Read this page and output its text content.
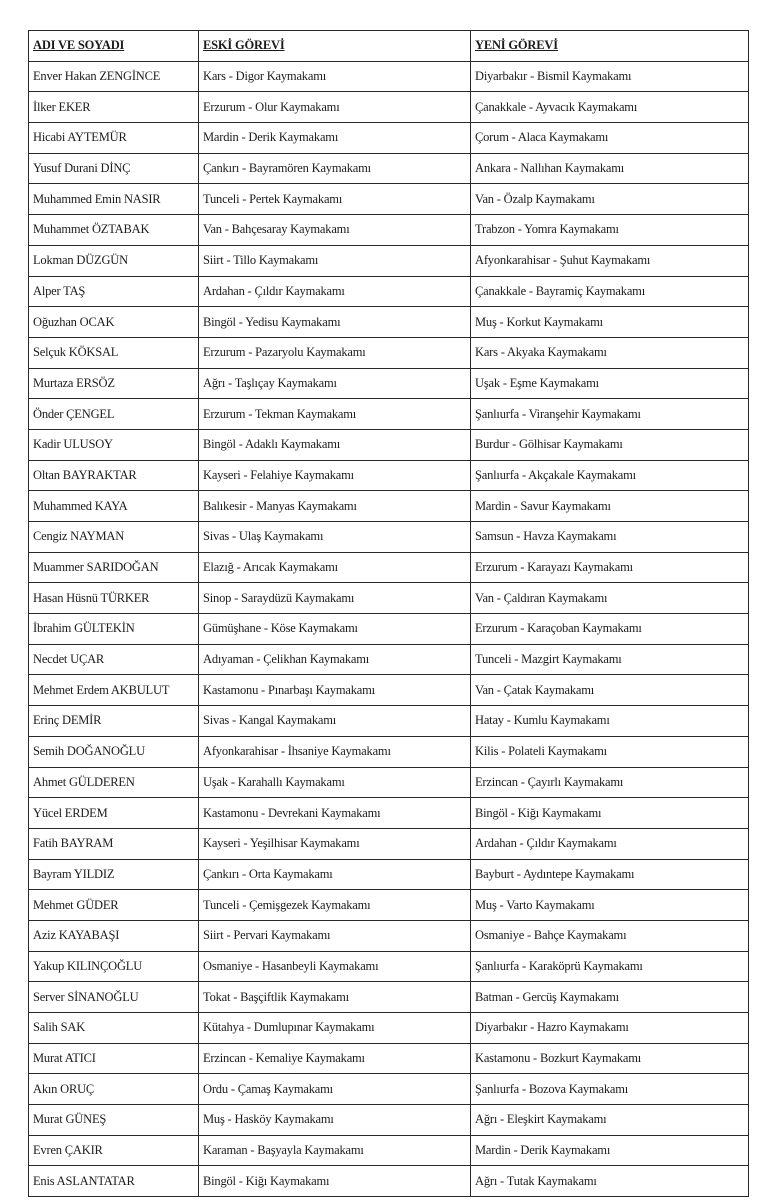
ADI VE SOYADI	ESKİ GÖREVİ	YENİ GÖREVİ
Enver Hakan ZENGİNCE	Kars - Digor Kaymakamı	Diyarbakır - Bismil Kaymakamı
İlker EKER	Erzurum - Olur Kaymakamı	Çanakkale - Ayvacık Kaymakamı
Hicabi AYTEMÜR	Mardin - Derik Kaymakamı	Çorum - Alaca Kaymakamı
Yusuf Durani DİNÇ	Çankırı - Bayramören Kaymakamı	Ankara - Nallıhan Kaymakamı
Muhammed Emin NASIR	Tunceli - Pertek Kaymakamı	Van - Özalp Kaymakamı
Muhammet ÖZTABAK	Van - Bahçesaray Kaymakamı	Trabzon - Yomra Kaymakamı
Lokman DÜZGÜN	Siirt - Tillo Kaymakamı	Afyonkarahisar - Şuhut Kaymakamı
Alper TAŞ	Ardahan - Çıldır Kaymakamı	Çanakkale - Bayramiç Kaymakamı
Oğuzhan OCAK	Bingöl - Yedisu Kaymakamı	Muş - Korkut Kaymakamı
Selçuk KÖKSAL	Erzurum - Pazaryolu Kaymakamı	Kars - Akyaka Kaymakamı
Murtaza ERSÖZ	Ağrı - Taşlıçay Kaymakamı	Uşak - Eşme Kaymakamı
Önder ÇENGEL	Erzurum - Tekman Kaymakamı	Şanlıurfa - Viranşehir Kaymakamı
Kadir ULUSOY	Bingöl - Adaklı Kaymakamı	Burdur - Gölhisar Kaymakamı
Oltan BAYRAKTAR	Kayseri - Felahiye Kaymakamı	Şanlıurfa - Akçakale Kaymakamı
Muhammed KAYA	Balıkesir - Manyas Kaymakamı	Mardin - Savur Kaymakamı
Cengiz NAYMAN	Sivas - Ulaş Kaymakamı	Samsun - Havza Kaymakamı
Muammer SARIDOĞAN	Elazığ - Arıcak Kaymakamı	Erzurum - Karayazı Kaymakamı
Hasan Hüsnü TÜRKER	Sinop - Saraydüzü Kaymakamı	Van - Çaldıran Kaymakamı
İbrahim GÜLTEKİN	Gümüşhane - Köse Kaymakamı	Erzurum - Karaçoban Kaymakamı
Necdet UÇAR	Adıyaman - Çelikhan Kaymakamı	Tunceli - Mazgirt Kaymakamı
Mehmet Erdem AKBULUT	Kastamonu - Pınarbaşı Kaymakamı	Van - Çatak Kaymakamı
Erinç DEMİR	Sivas - Kangal Kaymakamı	Hatay - Kumlu Kaymakamı
Semih DOĞANOĞLU	Afyonkarahisar - İhsaniye Kaymakamı	Kilis - Polateli Kaymakamı
Ahmet GÜLDEREN	Uşak - Karahallı Kaymakamı	Erzincan - Çayırlı Kaymakamı
Yücel ERDEM	Kastamonu - Devrekani Kaymakamı	Bingöl - Kiğı Kaymakamı
Fatih BAYRAM	Kayseri - Yeşilhisar Kaymakamı	Ardahan - Çıldır Kaymakamı
Bayram YILDIZ	Çankırı - Orta Kaymakamı	Bayburt - Aydıntepe Kaymakamı
Mehmet GÜDER	Tunceli - Çemişgezek Kaymakamı	Muş - Varto Kaymakamı
Aziz KAYABAŞI	Siirt - Pervari Kaymakamı	Osmaniye - Bahçe Kaymakamı
Yakup KILINÇOĞLU	Osmaniye - Hasanbeyli Kaymakamı	Şanlıurfa - Karaköprü Kaymakamı
Server SİNANOĞLU	Tokat - Başçiftlik Kaymakamı	Batman - Gercüş Kaymakamı
Salih SAK	Kütahya - Dumlupınar Kaymakamı	Diyarbakır - Hazro Kaymakamı
Murat ATICI	Erzincan - Kemaliye Kaymakamı	Kastamonu - Bozkurt Kaymakamı
Akın ORUÇ	Ordu - Çamaş Kaymakamı	Şanlıurfa - Bozova Kaymakamı
Murat GÜNEŞ	Muş - Hasköy Kaymakamı	Ağrı - Eleşkirt Kaymakamı
Evren ÇAKIR	Karaman - Başyayla Kaymakamı	Mardin - Derik Kaymakamı
Enis ASLANTATAR	Bingöl - Kiğı Kaymakamı	Ağrı - Tutak Kaymakamı
